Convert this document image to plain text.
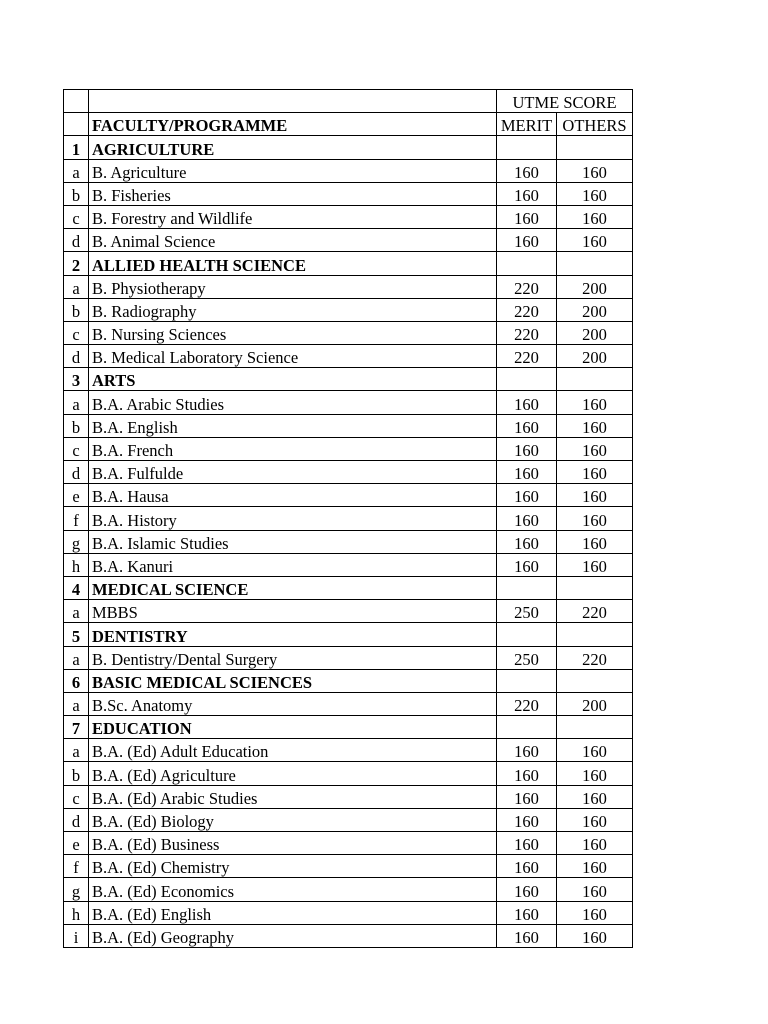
		UTME SCORE	
	FACULTY/PROGRAMME	MERIT	OTHERS
1	AGRICULTURE		
a	B. Agriculture	160	160
b	B. Fisheries	160	160
c	B. Forestry and Wildlife	160	160
d	B. Animal Science	160	160
2	ALLIED HEALTH SCIENCE		
a	B. Physiotherapy	220	200
b	B. Radiography	220	200
c	B. Nursing Sciences	220	200
d	B. Medical Laboratory Science	220	200
3	ARTS		
a	B.A. Arabic Studies	160	160
b	B.A. English	160	160
c	B.A. French	160	160
d	B.A. Fulfulde	160	160
e	B.A. Hausa	160	160
f	B.A. History	160	160
g	B.A. Islamic Studies	160	160
h	B.A. Kanuri	160	160
4	MEDICAL SCIENCE		
a	MBBS	250	220
5	DENTISTRY		
a	B. Dentistry/Dental Surgery	250	220
6	BASIC MEDICAL SCIENCES		
a	B.Sc. Anatomy	220	200
7	EDUCATION		
a	B.A. (Ed) Adult Education	160	160
b	B.A. (Ed) Agriculture	160	160
c	B.A. (Ed) Arabic Studies	160	160
d	B.A. (Ed) Biology	160	160
e	B.A. (Ed) Business	160	160
f	B.A. (Ed) Chemistry	160	160
g	B.A. (Ed) Economics	160	160
h	B.A. (Ed) English	160	160
i	B.A. (Ed) Geography	160	160
